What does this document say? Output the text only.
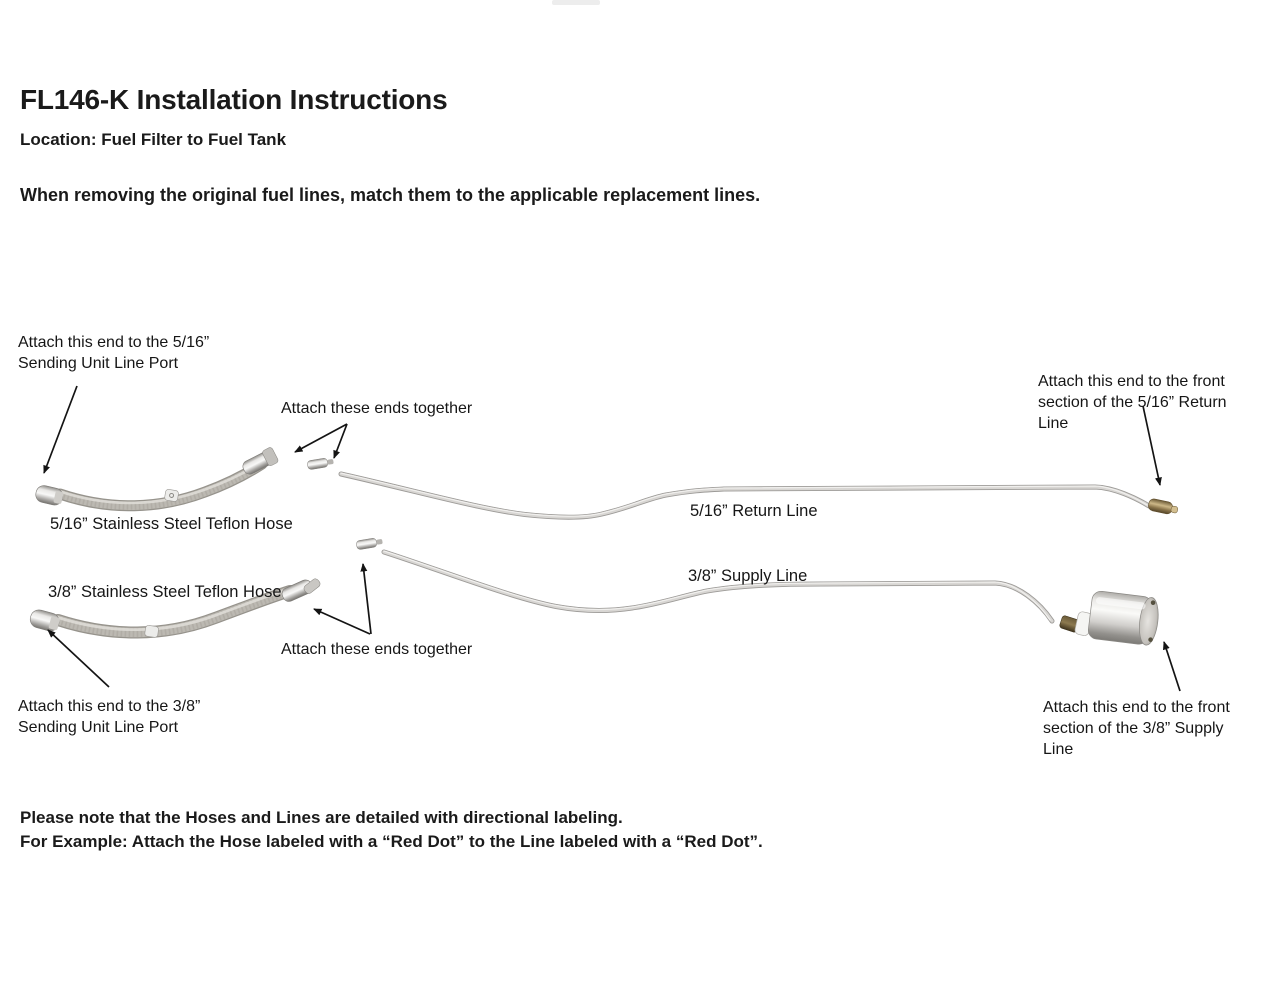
FL146-K Installation Instructions
Location: Fuel Filter to Fuel Tank
When removing the original fuel lines, match them to the applicable replacement lines.
Attach this end to the 5/16” Sending Unit Line Port
Attach these ends together
5/16” Stainless Steel Teflon Hose
5/16” Return Line
Attach this end to the front section of the 5/16” Return Line
3/8” Stainless Steel Teflon Hose
Attach these ends together
Attach this end to the 3/8” Sending Unit Line Port
3/8” Supply Line
Attach this end to the front section of the 3/8” Supply Line
Please note that the Hoses and Lines are detailed with directional labeling.
For Example: Attach the Hose labeled with a “Red Dot” to the Line labeled with a “Red Dot”.
